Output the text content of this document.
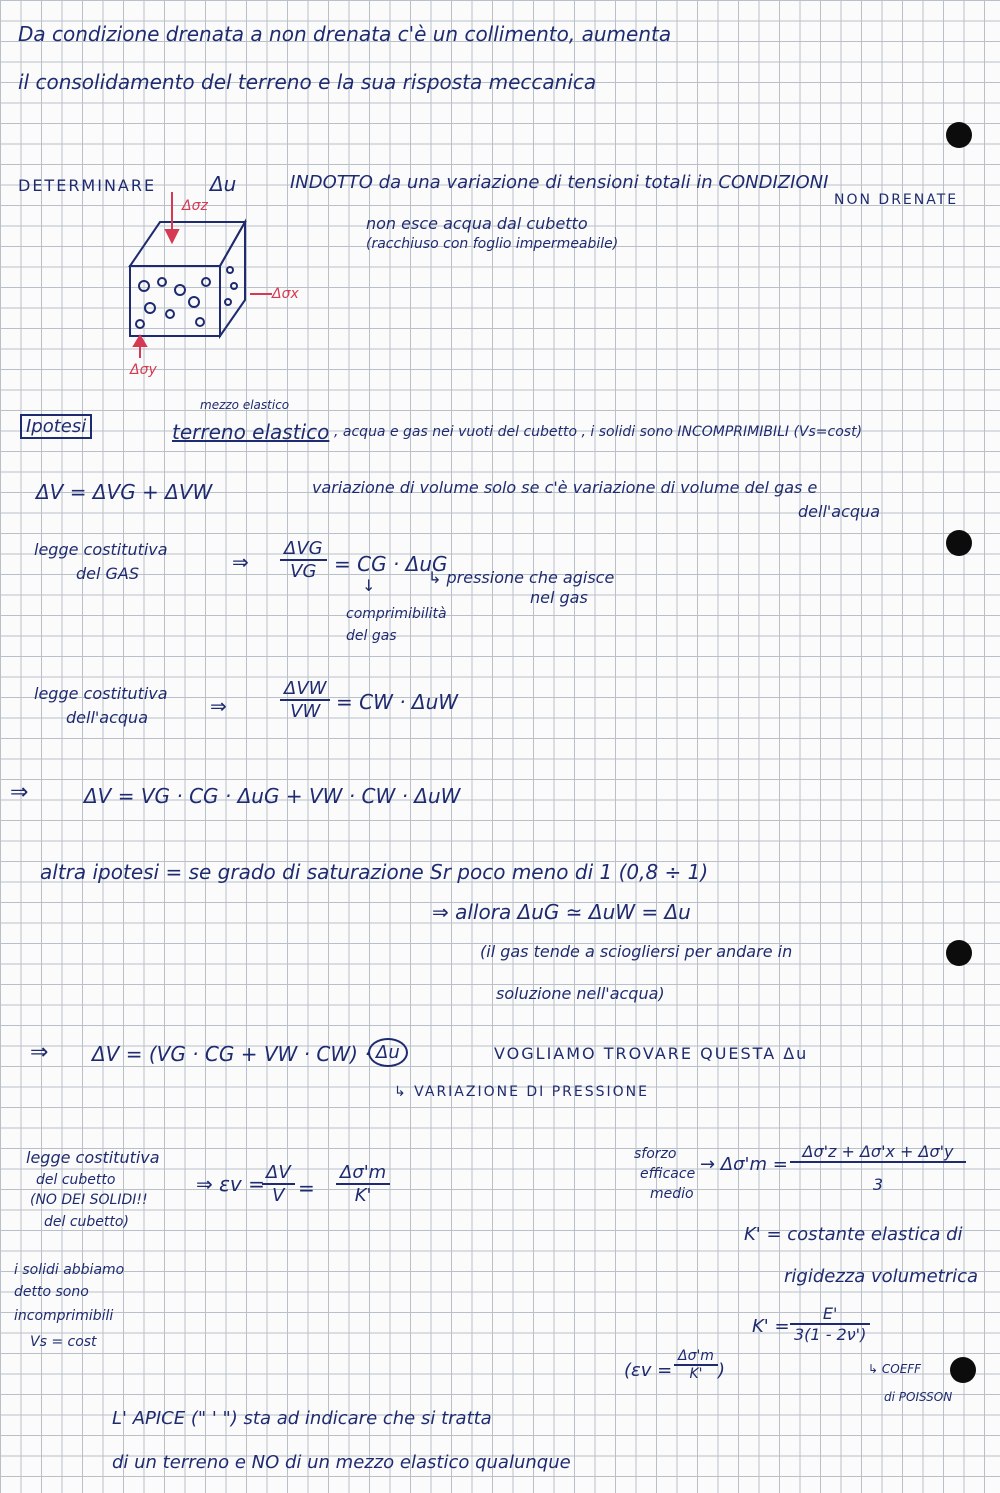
Da condizione drenata a non drenata c'è un collimento, aumenta
il consolidamento del terreno e la sua risposta meccanica
DETERMINARE	Δu	INDOTTO da una variazione di tensioni totali in CONDIZIONI
NON DRENATE
non esce acqua dal cubetto
(racchiuso con foglio impermeabile)
Δσz
Δσx
Δσy
mezzo elastico
Ipotesi	terreno elastico , acqua e gas nei vuoti del cubetto , i solidi sono INCOMPRIMIBILI (Vs=cost)
ΔV = ΔVG + ΔVW	variazione di volume solo se c'è variazione di volume del gas e
dell'acqua
legge costitutiva
del GAS	⇒
ΔVG
VG = CG · ΔuG
↳ pressione che agisce
nel gas
↓
comprimibilità
del gas
legge costitutiva
dell'acqua	⇒
ΔVW
VW = CW · ΔuW
⇒	ΔV = VG · CG · ΔuG + VW · CW · ΔuW
altra ipotesi = se grado di saturazione Sr poco meno di 1 (0,8 ÷ 1)
⇒ allora ΔuG ≃ ΔuW = Δu
(il gas tende a sciogliersi per andare in
soluzione nell'acqua)
⇒ ΔV = (VG · CG + VW · CW) · Δu	VOGLIAMO TROVARE QUESTA Δu
↳ VARIAZIONE DI PRESSIONE
legge costitutiva
del cubetto
(NO DEI SOLIDI!!
del cubetto)
⇒ εv =
$\frac{\Delta V}{V} = \frac{\Delta\sigma'm}{K'}$
i solidi abbiamo
detto sono
incomprimibili
Vs = cost
sforzo
efficace
medio
→ $\Delta\sigma'm = \frac{\Delta\sigma'z + \Delta\sigma'x + \Delta\sigma'y}{3}$
K' = costante elastica di
rigidezza volumetrica
$K' = \frac{E'}{3(1 - 2\nu')}$
↳ COEFF
di POISSON
($\varepsilon v = \frac{\Delta\sigma'm}{K'}$ )
L' APICE (" ' ") sta ad indicare che si tratta
di un terreno e NO di un mezzo elastico qualunque
